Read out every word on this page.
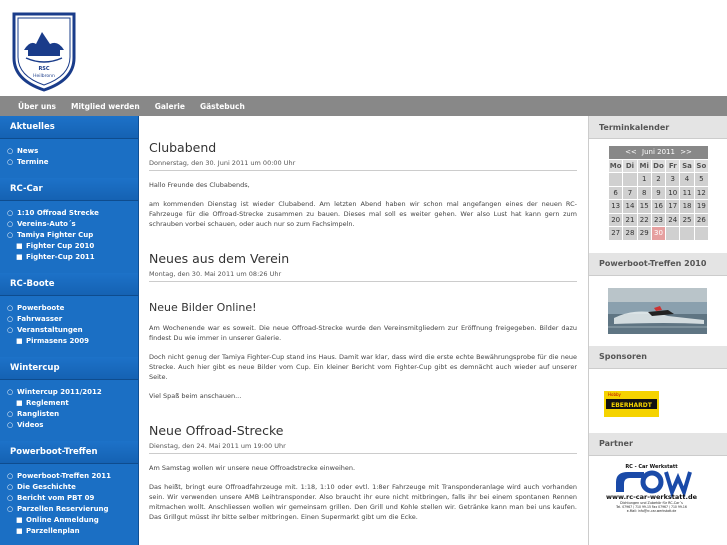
RSC
Heilbronn
Über uns Mitglied werden Galerie Gästebuch
Aktuelles
○ News
○ Termine
RC-Car
○ 1:10 Offroad Strecke
○ Vereins-Auto´s
○ Tamiya Fighter Cup
■ Fighter Cup 2010
■ Fighter-Cup 2011
RC-Boote
○ Powerboote
○ Fahrwasser
○ Veranstaltungen
■ Pirmasens 2009
Wintercup
○ Wintercup 2011/2012
■ Reglement
○ Ranglisten
○ Videos
Powerboot-Treffen
○ Powerboot-Treffen 2011
○ Die Geschichte
○ Bericht vom PBT 09
○ Parzellen Reservierung
■ Online Anmeldung
■ Parzellenplan
Clubabend
Donnerstag, den 30. Juni 2011 um 00:00 Uhr

Hallo Freunde des Clubabends,

am kommenden Dienstag ist wieder Clubabend. Am letzten Abend haben wir schon mal angefangen eines der neuen RC-Fahrzeuge für die Offroad-Strecke zusammen zu bauen. Dieses mal soll es weiter gehen. Wer also Lust hat kann gern zum schrauben vorbei schauen, oder auch nur so zum Fachsimpeln.

Neues aus dem Verein
Montag, den 30. Mai 2011 um 08:26 Uhr
Neue Bilder Online!

Am Wochenende war es soweit. Die neue Offroad-Strecke wurde den Vereinsmitgliedern zur Eröffnung freigegeben. Bilder dazu findest Du wie immer in unserer Galerie.

Doch nicht genug der Tamiya Fighter-Cup stand ins Haus. Damit war klar, dass wird die erste echte Bewährungsprobe für die neue Strecke. Auch hier gibt es neue Bilder vom Cup. Ein kleiner Bericht vom Fighter-Cup gibt es demnächt auch wieder auf unserer Seite.

Viel Spaß beim anschauen...

Neue Offroad-Strecke
Dienstag, den 24. Mai 2011 um 19:00 Uhr

Am Samstag wollen wir unsere neue Offroadstrecke einweihen.

Das heißt, bringt eure Offroadfahrzeuge mit. 1:18, 1:10 oder evtl. 1:8er Fahrzeuge mit Transponderanlage wird auch vorhanden sein. Wir verwenden unsere AMB Leihtransponder. Also braucht ihr eure nicht mitbringen, falls ihr bei einem spontanen Rennen mitmachen wollt. Anschliessen wollen wir gemeinsam grillen. Den Grill und Kohle stellen wir. Getränke kann man bei uns kaufen. Das Grillgut müsst ihr bitte selber mitbringen. Einen Supermarkt gibt um die Ecke.

Terminkalender
<< Juni 2011 >>						
Mo	Di	Mi	Do	Fr	Sa	So
		1	2	3	4	5
6	7	8	9	10	11	12
13	14	15	16	17	18	19
20	21	22	23	24	25	26
27	28	29	30			
Powerboot-Treffen 2010
Sponsoren
Hobby
EBERHARDT
Partner
RC - Car Werkstatt
www.rc-car-werkstatt.de
Dichtungen und Zubehör für RC-Car´s
Tel. 07967 / 710 99-15 Fax 07967 / 710 99-16
e-Mail: info@rc-car-werkstatt.de
